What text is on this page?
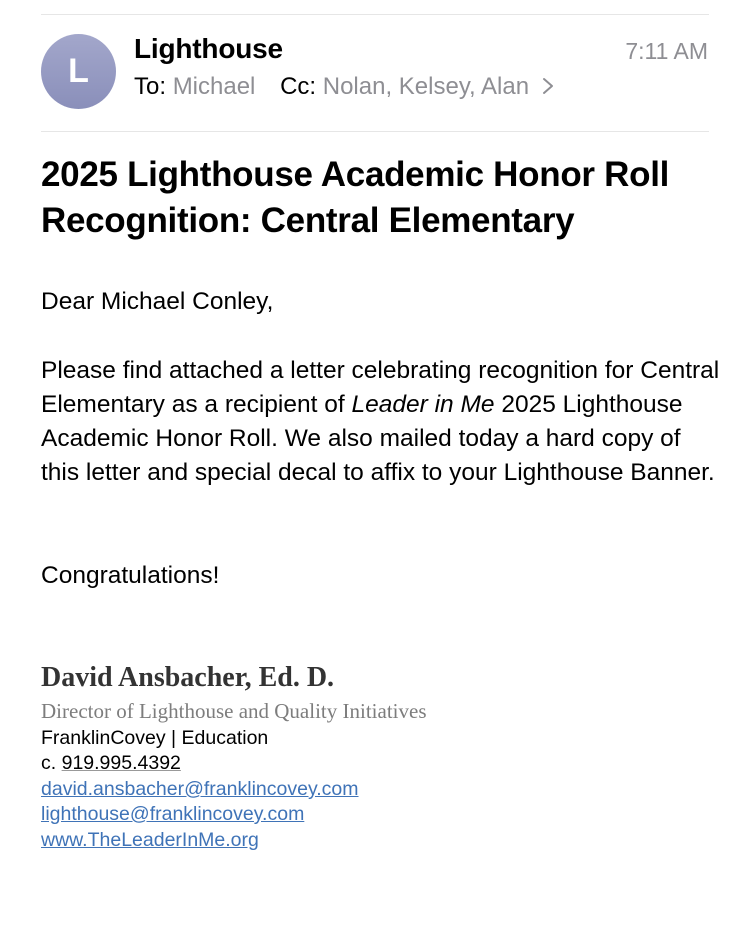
L
Lighthouse	7:11 AM
To: Michael Cc: Nolan, Kelsey, Alan
2025 Lighthouse Academic Honor Roll Recognition: Central Elementary

Dear Michael Conley,

Please find attached a letter celebrating recognition for Central Elementary as a recipient of Leader in Me 2025 Lighthouse Academic Honor Roll. We also mailed today a hard copy of this letter and special decal to affix to your Lighthouse Banner.

Congratulations!

David Ansbacher, Ed. D.
Director of Lighthouse and Quality Initiatives
FranklinCovey | Education
c. 919.995.4392
david.ansbacher@franklincovey.com
lighthouse@franklincovey.com
www.TheLeaderInMe.org
